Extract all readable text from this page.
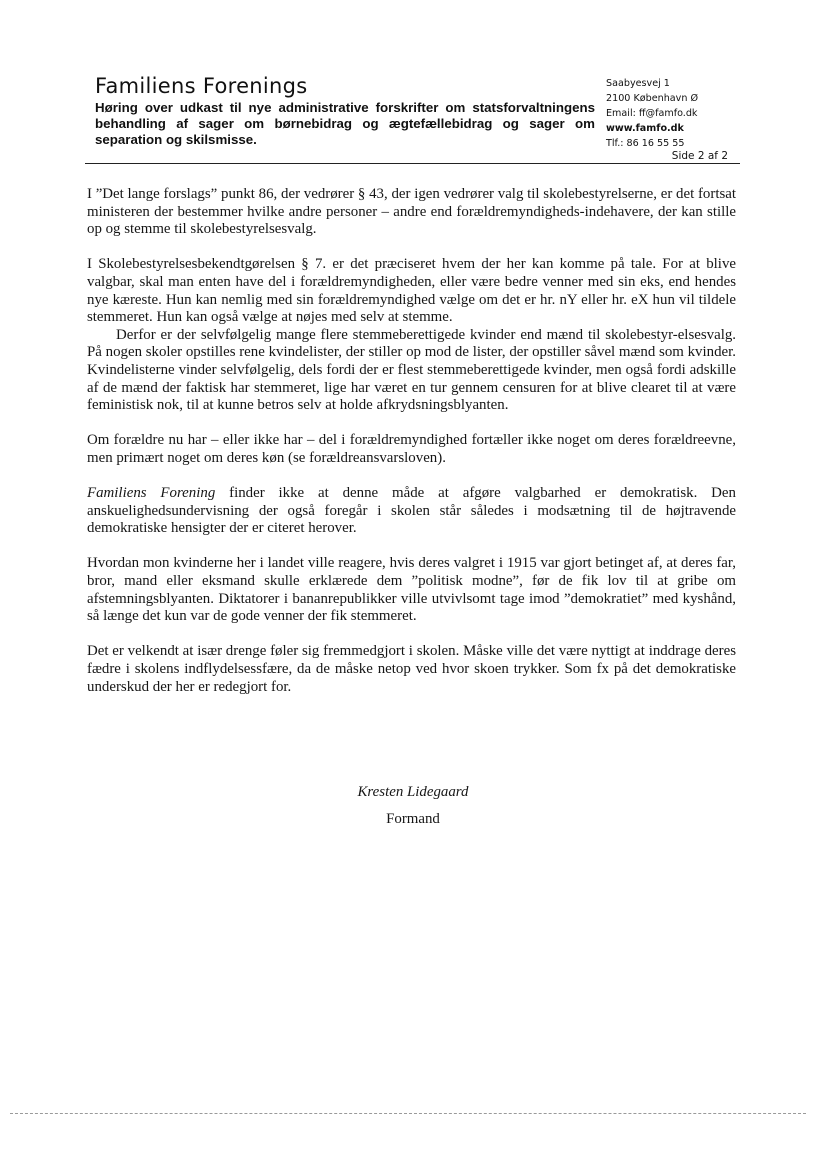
Familiens Forenings
Høring over udkast til nye administrative forskrifter om statsforvaltningens behandling af sager om børnebidrag og ægtefællebidrag og sager om separation og skilsmisse.
Saabyesvej 1
2100 København Ø
Email: ff@famfo.dk
www.famfo.dk
Tlf.: 86 16 55 55
Side 2 af 2

I ”Det lange forslags” punkt 86, der vedrører § 43, der igen vedrører valg til skolebestyrelserne, er det fortsat ministeren der bestemmer hvilke andre personer – andre end forældremyndigheds-indehavere, der kan stille op og stemme til skolebestyrelsesvalg.

I Skolebestyrelsesbekendtgørelsen § 7. er det præciseret hvem der her kan komme på tale. For at blive valgbar, skal man enten have del i forældremyndigheden, eller være bedre venner med sin eks, end hendes nye kæreste. Hun kan nemlig med sin forældremyndighed vælge om det er hr. nY eller hr. eX hun vil tildele stemmeret. Hun kan også vælge at nøjes med selv at stemme.

Derfor er der selvfølgelig mange flere stemmeberettigede kvinder end mænd til skolebestyr-elsesvalg. På nogen skoler opstilles rene kvindelister, der stiller op mod de lister, der opstiller såvel mænd som kvinder. Kvindelisterne vinder selvfølgelig, dels fordi der er flest stemmeberettigede kvinder, men også fordi adskille af de mænd der faktisk har stemmeret, lige har været en tur gennem censuren for at blive clearet til at være feministisk nok, til at kunne betros selv at holde afkrydsningsblyanten.

Om forældre nu har – eller ikke har – del i forældremyndighed fortæller ikke noget om deres forældreevne, men primært noget om deres køn (se forældreansvarsloven).

Familiens Forening finder ikke at denne måde at afgøre valgbarhed er demokratisk. Den anskuelighedsundervisning der også foregår i skolen står således i modsætning til de højtravende demokratiske hensigter der er citeret herover.

Hvordan mon kvinderne her i landet ville reagere, hvis deres valgret i 1915 var gjort betinget af, at deres far, bror, mand eller eksmand skulle erklærede dem ”politisk modne”, før de fik lov til at gribe om afstemningsblyanten. Diktatorer i bananrepublikker ville utvivlsomt tage imod ”demokratiet” med kyshånd, så længe det kun var de gode venner der fik stemmeret.

Det er velkendt at især drenge føler sig fremmedgjort i skolen. Måske ville det være nyttigt at inddrage deres fædre i skolens indflydelsessfære, da de måske netop ved hvor skoen trykker. Som fx på det demokratiske underskud der her er redegjort for.

Kresten Lidegaard
Formand
